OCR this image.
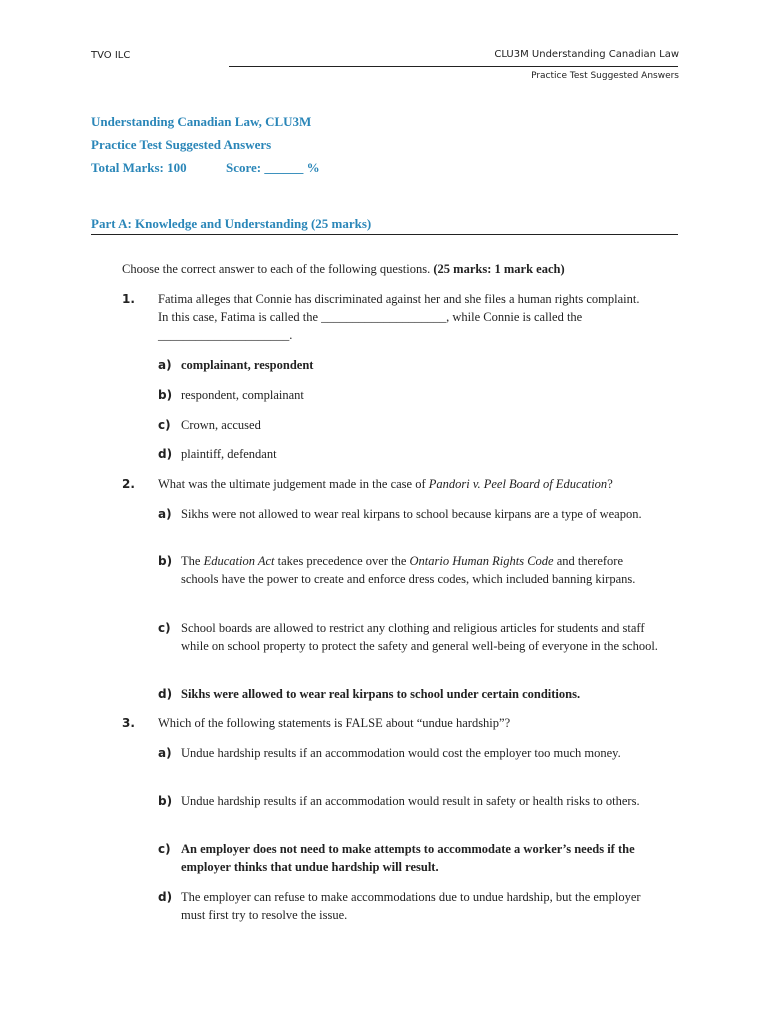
TVO ILC	CLU3M Understanding Canadian Law
Practice Test Suggested Answers
Understanding Canadian Law, CLU3M
Practice Test Suggested Answers
Total Marks: 100	Score: ______ %
Part A: Knowledge and Understanding (25 marks)
Choose the correct answer to each of the following questions. (25 marks: 1 mark each)
1. Fatima alleges that Connie has discriminated against her and she files a human rights complaint. In this case, Fatima is called the ____________________, while Connie is called the _____________________.
a) complainant, respondent
b) respondent, complainant
c) Crown, accused
d) plaintiff, defendant
2. What was the ultimate judgement made in the case of Pandori v. Peel Board of Education?
a) Sikhs were not allowed to wear real kirpans to school because kirpans are a type of weapon.
b) The Education Act takes precedence over the Ontario Human Rights Code and therefore schools have the power to create and enforce dress codes, which included banning kirpans.
c) School boards are allowed to restrict any clothing and religious articles for students and staff while on school property to protect the safety and general well-being of everyone in the school.
d) Sikhs were allowed to wear real kirpans to school under certain conditions.
3. Which of the following statements is FALSE about “undue hardship”?
a) Undue hardship results if an accommodation would cost the employer too much money.
b) Undue hardship results if an accommodation would result in safety or health risks to others.
c) An employer does not need to make attempts to accommodate a worker’s needs if the employer thinks that undue hardship will result.
d) The employer can refuse to make accommodations due to undue hardship, but the employer must first try to resolve the issue.
